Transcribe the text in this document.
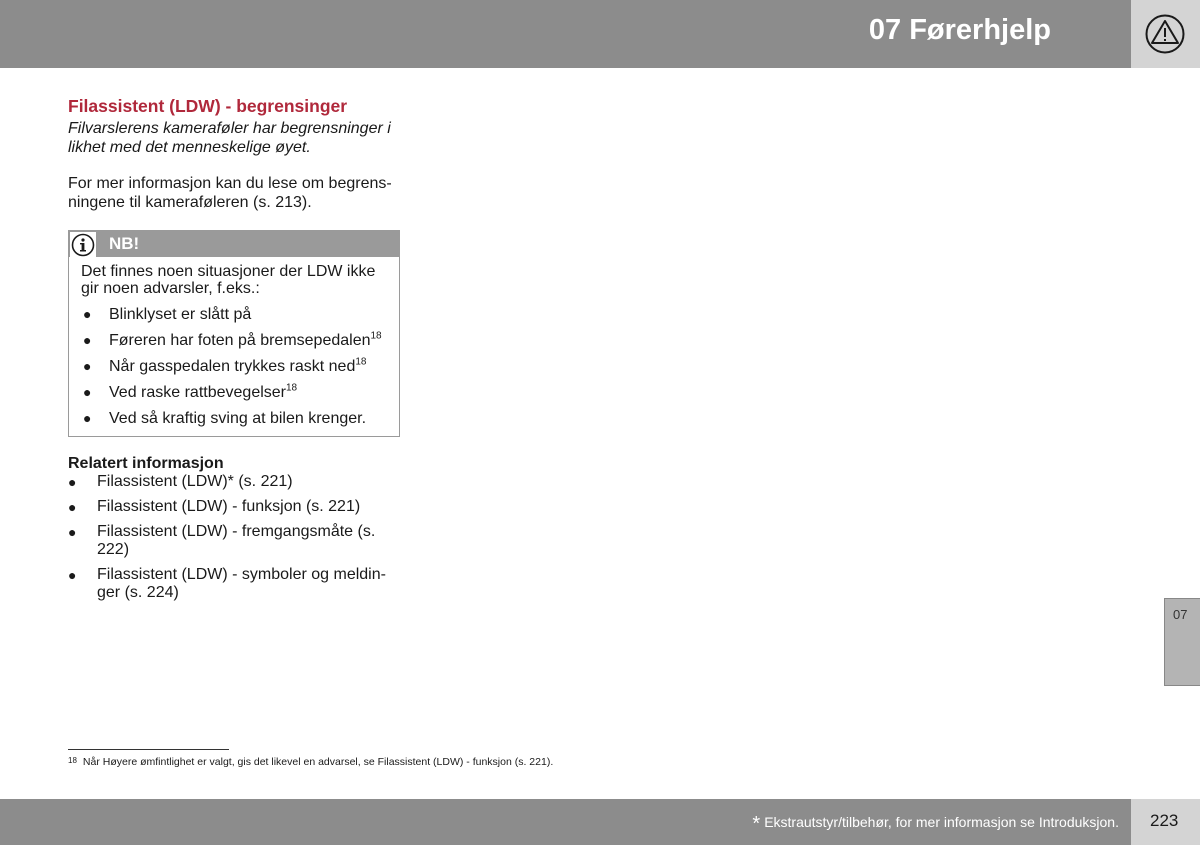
07 Førerhjelp
Filassistent (LDW) - begrensinger

Filvarslerens kameraføler har begrensninger i likhet med det menneskelige øyet.

For mer informasjon kan du lese om begrens-ningene til kameraføleren (s. 213).

NB!

Det finnes noen situasjoner der LDW ikke gir noen advarsler, f.eks.:

● Blinklyset er slått på
● Føreren har foten på bremsepedalen$^{18}$
● Når gasspedalen trykkes raskt ned$^{18}$
● Ved raske rattbevegelser$^{18}$
● Ved så kraftig sving at bilen krenger.
Relatert informasjon
● Filassistent (LDW)* (s. 221)
● Filassistent (LDW) - funksjon (s. 221)
● Filassistent (LDW) - fremgangsmåte (s. 222)
● Filassistent (LDW) - symboler og meldin-ger (s. 224)
18 Når Høyere ømfintlighet er valgt, gis det likevel en advarsel, se Filassistent (LDW) - funksjon (s. 221).
07
* Ekstrautstyr/tilbehør, for mer informasjon se Introduksjon. 223
